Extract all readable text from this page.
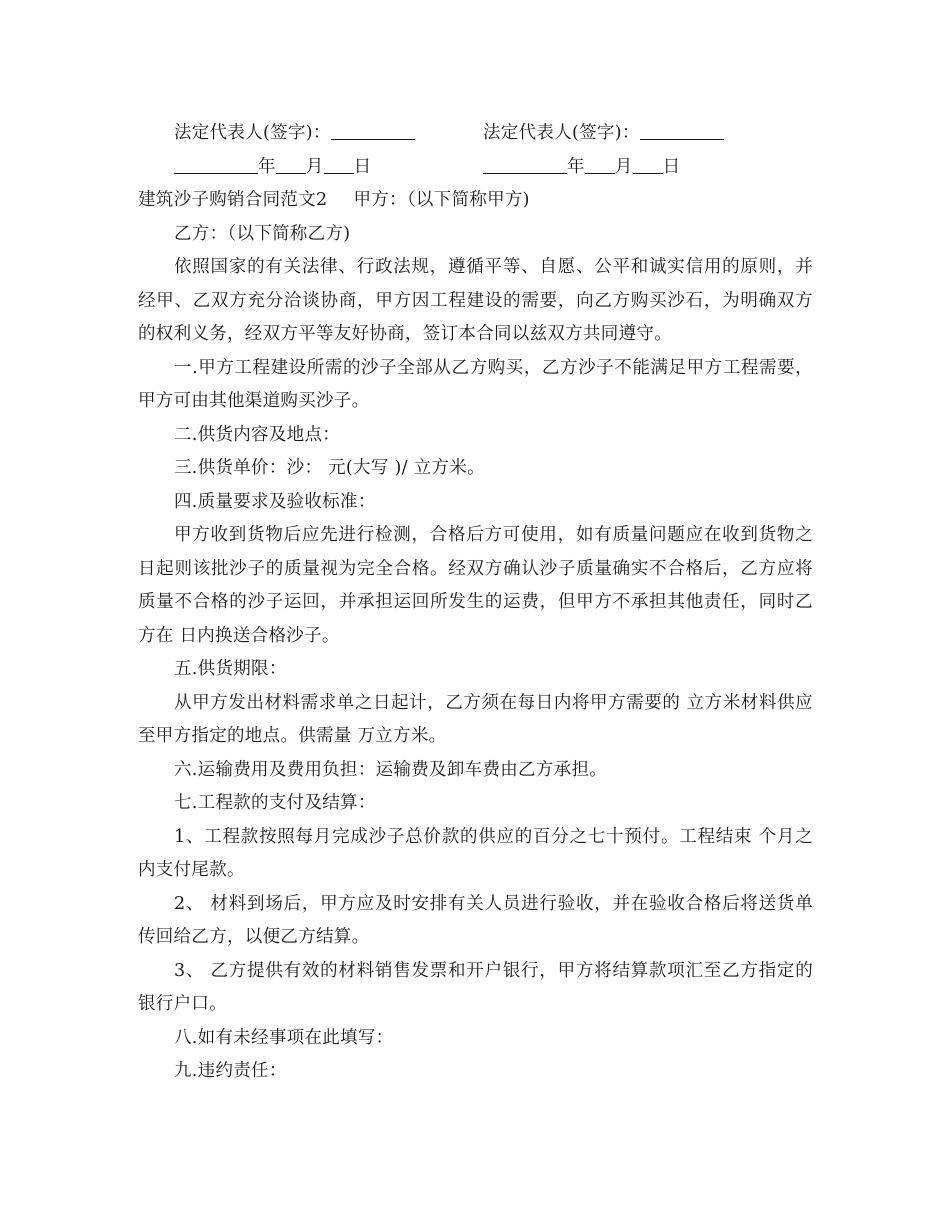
法定代表人(签字)：	法定代表人(签字)：
年 月 日	年 月 日
建筑沙子购销合同范文2 甲方：（以下简称甲方)
乙方：（以下简称乙方)

依照国家的有关法律、行政法规，遵循平等、自愿、公平和诚实信用的原则，并经甲、乙双方充分洽谈协商，甲方因工程建设的需要，向乙方购买沙石，为明确双方的权利义务，经双方平等友好协商，签订本合同以兹双方共同遵守。

一.甲方工程建设所需的沙子全部从乙方购买，乙方沙子不能满足甲方工程需要，甲方可由其他渠道购买沙子。

二.供货内容及地点：

三.供货单价：沙： 元(大写 )/ 立方米。

四.质量要求及验收标准：

甲方收到货物后应先进行检测，合格后方可使用，如有质量问题应在收到货物之日起则该批沙子的质量视为完全合格。经双方确认沙子质量确实不合格后，乙方应将质量不合格的沙子运回，并承担运回所发生的运费，但甲方不承担其他责任，同时乙方在 日内换送合格沙子。

五.供货期限：

从甲方发出材料需求单之日起计，乙方须在每日内将甲方需要的 立方米材料供应至甲方指定的地点。供需量 万立方米。

六.运输费用及费用负担：运输费及卸车费由乙方承担。

七.工程款的支付及结算：

1、工程款按照每月完成沙子总价款的供应的百分之七十预付。工程结束 个月之内支付尾款。

2、 材料到场后，甲方应及时安排有关人员进行验收，并在验收合格后将送货单传回给乙方，以便乙方结算。

3、 乙方提供有效的材料销售发票和开户银行，甲方将结算款项汇至乙方指定的银行户口。

八.如有未经事项在此填写：

九.违约责任：
